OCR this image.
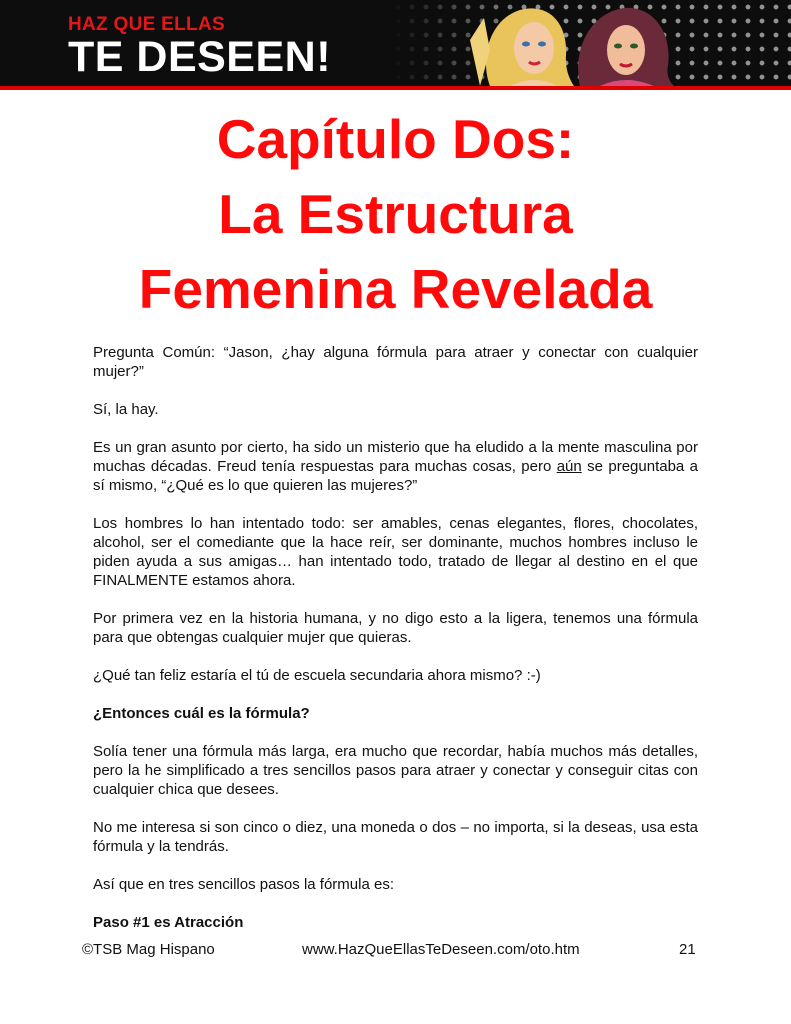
HAZ QUE ELLAS
TE DESEEN!
Capítulo Dos:
La Estructura
Femenina Revelada

Pregunta Común: “Jason, ¿hay alguna fórmula para atraer y conectar con cualquier mujer?”

Sí, la hay.

Es un gran asunto por cierto, ha sido un misterio que ha eludido a la mente masculina por muchas décadas. Freud tenía respuestas para muchas cosas, pero aún se preguntaba a sí mismo, “¿Qué es lo que quieren las mujeres?”

Los hombres lo han intentado todo: ser amables, cenas elegantes, flores, chocolates, alcohol, ser el comediante que la hace reír, ser dominante, muchos hombres incluso le piden ayuda a sus amigas… han intentado todo, tratado de llegar al destino en el que FINALMENTE estamos ahora.

Por primera vez en la historia humana, y no digo esto a la ligera, tenemos una fórmula para que obtengas cualquier mujer que quieras.

¿Qué tan feliz estaría el tú de escuela secundaria ahora mismo? :-)

¿Entonces cuál es la fórmula?

Solía tener una fórmula más larga, era mucho que recordar, había muchos más detalles, pero la he simplificado a tres sencillos pasos para atraer y conectar y conseguir citas con cualquier chica que desees.

No me interesa si son cinco o diez, una moneda o dos – no importa, si la deseas, usa esta fórmula y la tendrás.

Así que en tres sencillos pasos la fórmula es:

Paso #1 es Atracción

©TSB Mag Hispano	www.HazQueEllasTeDeseen.com/oto.htm	21
